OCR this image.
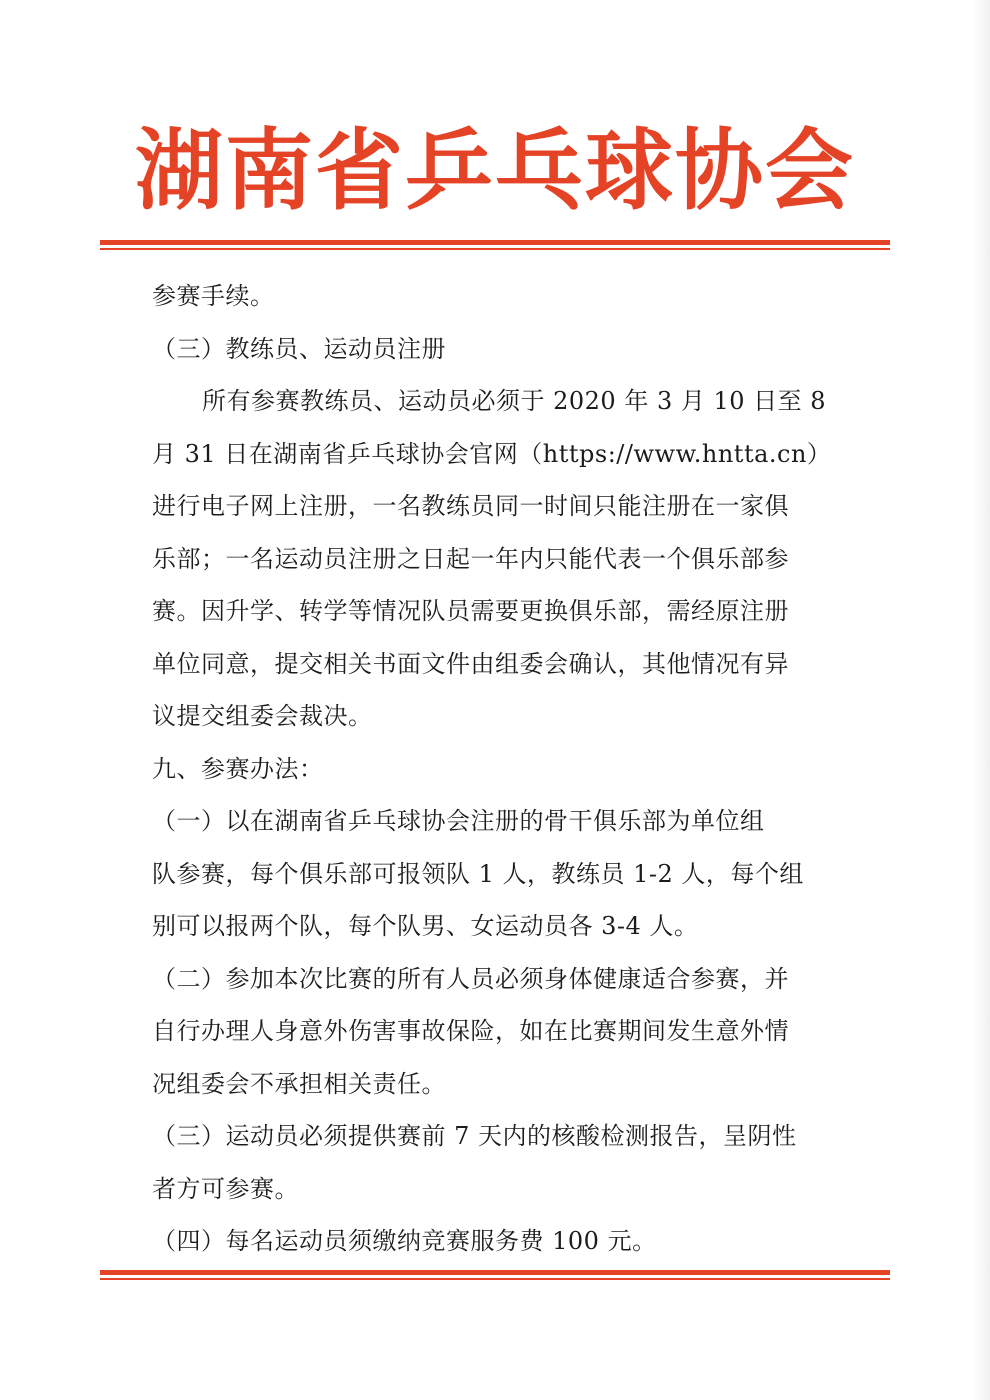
湖南省乒乓球协会

参赛手续。

（三）教练员、运动员注册

所有参赛教练员、运动员必须于 2020 年 3 月 10 日至 8

月 31 日在湖南省乒乓球协会官网（https://www.hntta.cn）

进行电子网上注册，一名教练员同一时间只能注册在一家俱

乐部；一名运动员注册之日起一年内只能代表一个俱乐部参

赛。因升学、转学等情况队员需要更换俱乐部，需经原注册

单位同意，提交相关书面文件由组委会确认，其他情况有异

议提交组委会裁决。

九、参赛办法：

（一）以在湖南省乒乓球协会注册的骨干俱乐部为单位组

队参赛，每个俱乐部可报领队 1 人，教练员 1-2 人，每个组

别可以报两个队，每个队男、女运动员各 3-4 人。

（二）参加本次比赛的所有人员必须身体健康适合参赛，并

自行办理人身意外伤害事故保险，如在比赛期间发生意外情

况组委会不承担相关责任。

（三）运动员必须提供赛前 7 天内的核酸检测报告，呈阴性

者方可参赛。

（四）每名运动员须缴纳竞赛服务费 100 元。
